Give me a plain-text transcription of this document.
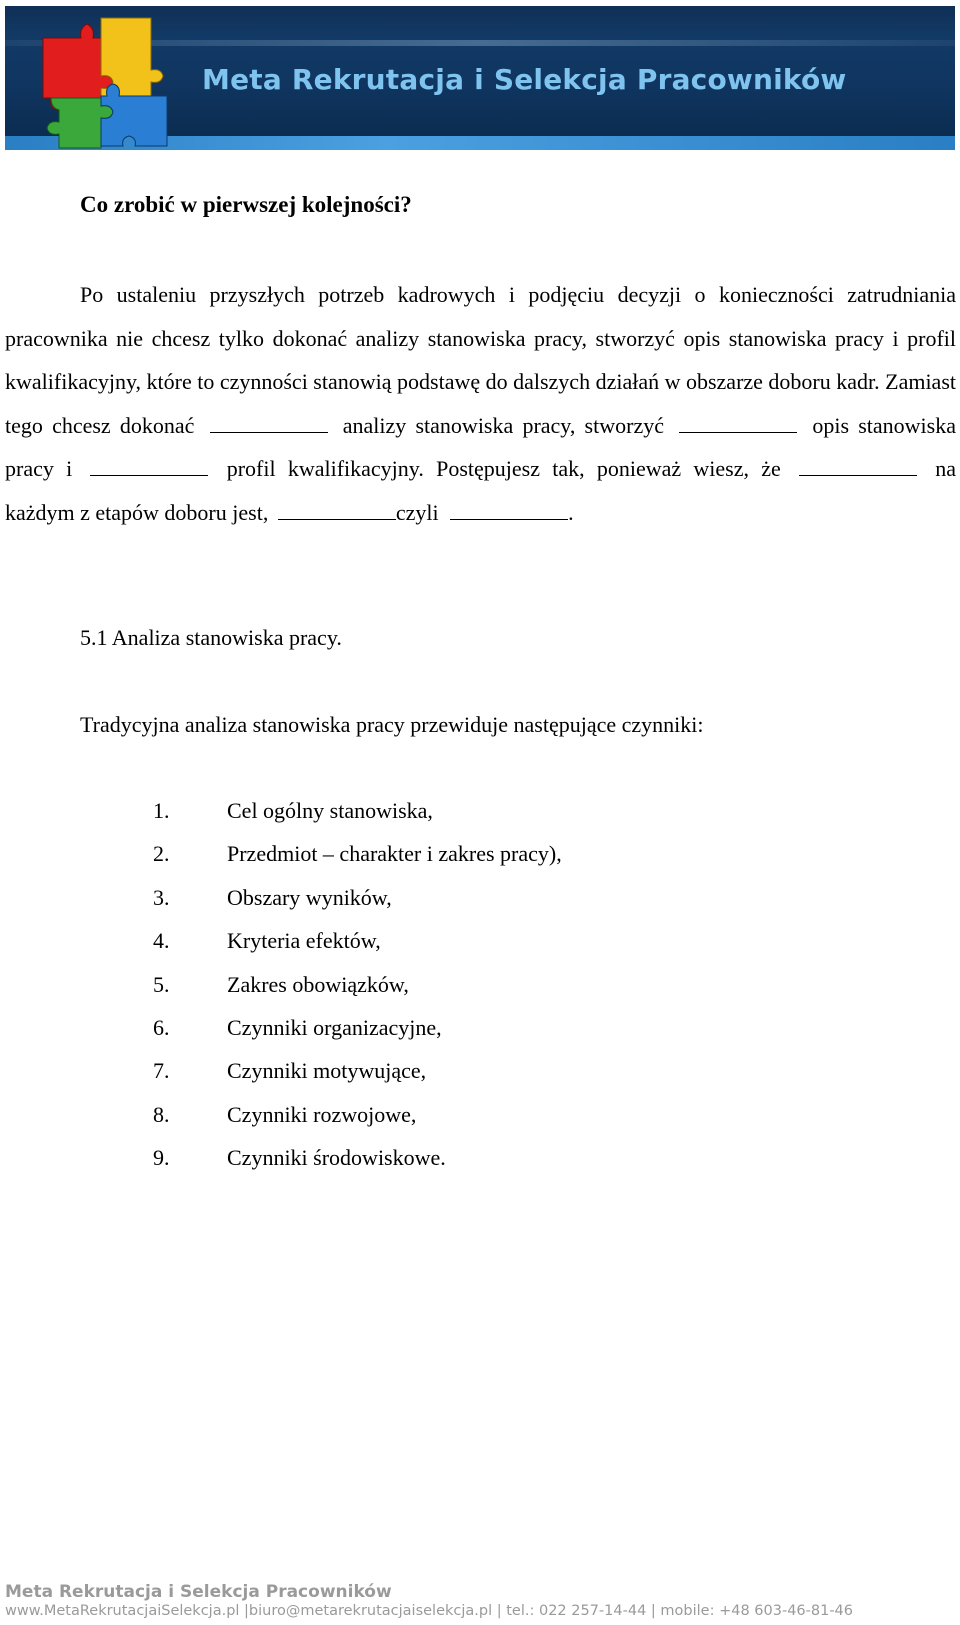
Meta Rekrutacja i Selekcja Pracowników
Co zrobić w pierwszej kolejności?
Po ustaleniu przyszłych potrzeb kadrowych i podjęciu decyzji o konieczności zatrudniania pracownika nie chcesz tylko dokonać analizy stanowiska pracy, stworzyć opis stanowiska pracy i profil kwalifikacyjny, które to czynności stanowią podstawę do dalszych działań w obszarze doboru kadr. Zamiast tego chcesz dokonać	analizy stanowiska pracy, stworzyć	opis stanowiska pracy i	profil kwalifikacyjny. Postępujesz tak, ponieważ wiesz, że	na każdym z etapów doboru jest,	czyli	.
5.1 Analiza stanowiska pracy.
Tradycyjna analiza stanowiska pracy przewiduje następujące czynniki:
1.	Cel ogólny stanowiska,
2.	Przedmiot – charakter i zakres pracy),
3.	Obszary wyników,
4.	Kryteria efektów,
5.	Zakres obowiązków,
6.	Czynniki organizacyjne,
7.	Czynniki motywujące,
8.	Czynniki rozwojowe,
9.	Czynniki środowiskowe.
Meta Rekrutacja i Selekcja Pracowników
www.MetaRekrutacjaiSelekcja.pl |biuro@metarekrutacjaiselekcja.pl | tel.: 022 257-14-44 | mobile: +48 603-46-81-46
